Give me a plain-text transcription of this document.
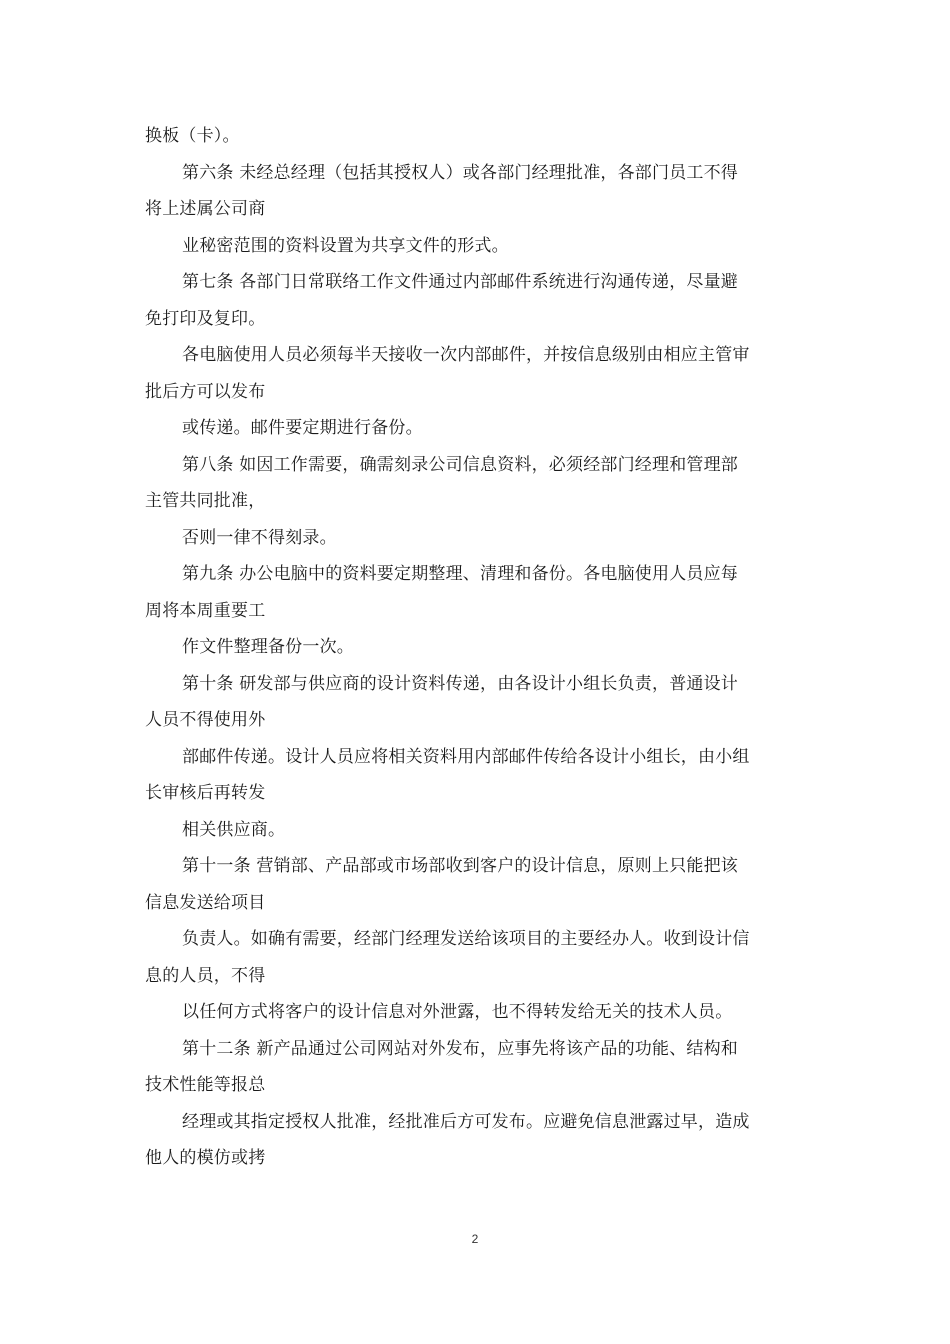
换板（卡）。
第六条 未经总经理（包括其授权人）或各部门经理批准，各部门员工不得
将上述属公司商
业秘密范围的资料设置为共享文件的形式。
第七条 各部门日常联络工作文件通过内部邮件系统进行沟通传递，尽量避
免打印及复印。
各电脑使用人员必须每半天接收一次内部邮件，并按信息级别由相应主管审
批后方可以发布
或传递。邮件要定期进行备份。
第八条 如因工作需要，确需刻录公司信息资料，必须经部门经理和管理部
主管共同批准，
否则一律不得刻录。
第九条 办公电脑中的资料要定期整理、清理和备份。各电脑使用人员应每
周将本周重要工
作文件整理备份一次。
第十条 研发部与供应商的设计资料传递，由各设计小组长负责，普通设计
人员不得使用外
部邮件传递。设计人员应将相关资料用内部邮件传给各设计小组长，由小组
长审核后再转发
相关供应商。
第十一条 营销部、产品部或市场部收到客户的设计信息，原则上只能把该
信息发送给项目
负责人。如确有需要，经部门经理发送给该项目的主要经办人。收到设计信
息的人员，不得
以任何方式将客户的设计信息对外泄露，也不得转发给无关的技术人员。
第十二条 新产品通过公司网站对外发布，应事先将该产品的功能、结构和
技术性能等报总
经理或其指定授权人批准，经批准后方可发布。应避免信息泄露过早，造成
他人的模仿或拷
2
